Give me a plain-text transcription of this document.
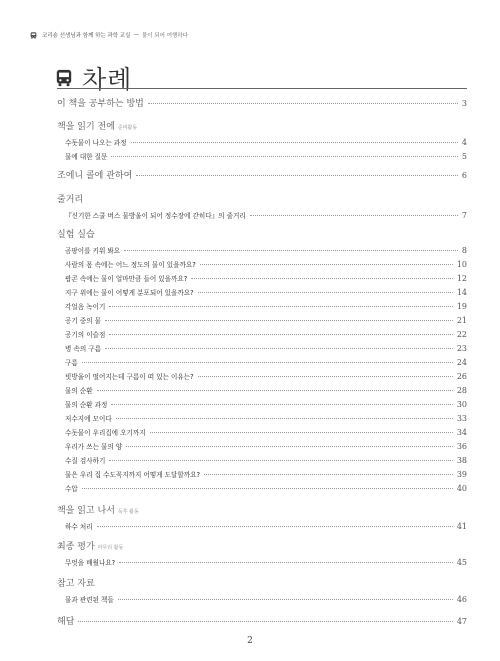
코리숑 선생님과 함께 하는 과학 교실 — 물이 되어 여행하다
차례
이 책을 공부하는 방법	3
책을 읽기 전에 준비활동
수돗물이 나오는 과정	4
물에 대한 질문	5
조에니 콜에 관하여	6
줄거리
『신기한 스쿨 버스 물방울이 되어 정수장에 갇히다』의 줄거리	7
실험 실습
곰팡이를 키워 봐요	8
사람의 몸 속에는 어느 정도의 물이 있을까요?	10
팝콘 속에는 물이 얼마만큼 들어 있을까요?	12
지구 위에는 물이 어떻게 분포되어 있을까요?	14
각얼음 녹이기	19
공기 중의 물	21
공기의 이슬점	22
병 속의 구름	23
구름	24
빗방울이 떨어지는데 구름이 떠 있는 이유는?	26
물의 순환	28
물의 순환 과정	30
저수지에 모이다	33
수돗물이 우리집에 오기까지	34
우리가 쓰는 물의 양	36
수질 검사하기	38
물은 우리 집 수도꼭지까지 어떻게 도달할까요?	39
수압	40
책을 읽고 나서 독후 활동
하수 처리	41
최종 평가 마무리 활동
무엇을 배웠나요?	45
참고 자료
물과 관련된 책들	46
해답	47
2
